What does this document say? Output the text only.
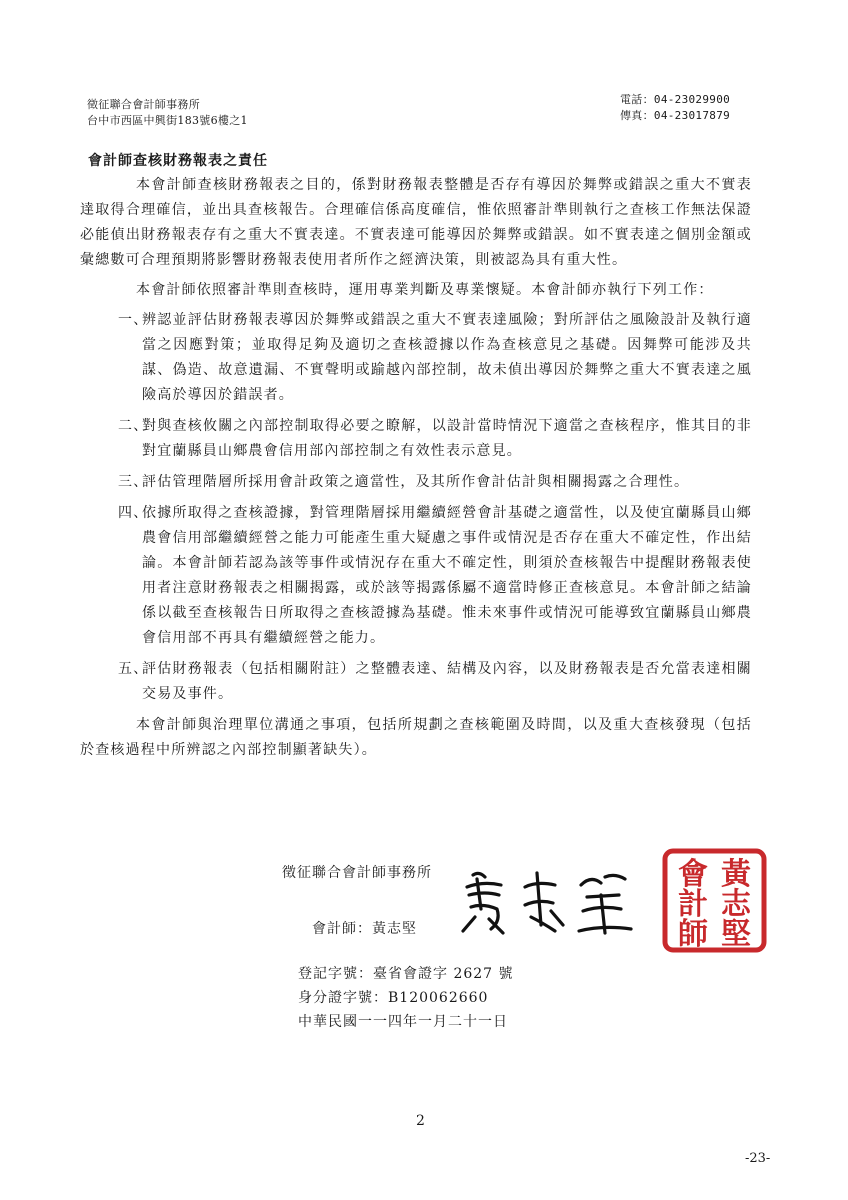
徵征聯合會計師事務所
台中市西區中興街183號6樓之1
電話：04-23029900
傳真：04-23017879
會計師查核財務報表之責任

本會計師查核財務報表之目的，係對財務報表整體是否存有導因於舞弊或錯誤之重大不實表達取得合理確信，並出具查核報告。合理確信係高度確信，惟依照審計準則執行之查核工作無法保證必能偵出財務報表存有之重大不實表達。不實表達可能導因於舞弊或錯誤。如不實表達之個別金額或彙總數可合理預期將影響財務報表使用者所作之經濟決策，則被認為具有重大性。

本會計師依照審計準則查核時，運用專業判斷及專業懷疑。本會計師亦執行下列工作：

一、
辨認並評估財務報表導因於舞弊或錯誤之重大不實表達風險；對所評估之風險設計及執行適當之因應對策；並取得足夠及適切之查核證據以作為查核意見之基礎。因舞弊可能涉及共謀、偽造、故意遺漏、不實聲明或踰越內部控制，故未偵出導因於舞弊之重大不實表達之風險高於導因於錯誤者。
二、
對與查核攸關之內部控制取得必要之瞭解，以設計當時情況下適當之查核程序，惟其目的非對宜蘭縣員山鄉農會信用部內部控制之有效性表示意見。
三、
評估管理階層所採用會計政策之適當性，及其所作會計估計與相關揭露之合理性。
四、
依據所取得之查核證據，對管理階層採用繼續經營會計基礎之適當性，以及使宜蘭縣員山鄉農會信用部繼續經營之能力可能產生重大疑慮之事件或情況是否存在重大不確定性，作出結論。本會計師若認為該等事件或情況存在重大不確定性，則須於查核報告中提醒財務報表使用者注意財務報表之相關揭露，或於該等揭露係屬不適當時修正查核意見。本會計師之結論係以截至查核報告日所取得之查核證據為基礎。惟未來事件或情況可能導致宜蘭縣員山鄉農會信用部不再具有繼續經營之能力。
五、
評估財務報表（包括相關附註）之整體表達、結構及內容，以及財務報表是否允當表達相關交易及事件。

本會計師與治理單位溝通之事項，包括所規劃之查核範圍及時間，以及重大查核發現（包括於查核過程中所辨認之內部控制顯著缺失）。

徵征聯合會計師事務所
會計師：黃志堅
黃
志
堅
會
計
師
登記字號：臺省會證字 2627 號
身分證字號：B120062660
中華民國一一四年一月二十一日
2
-23-
